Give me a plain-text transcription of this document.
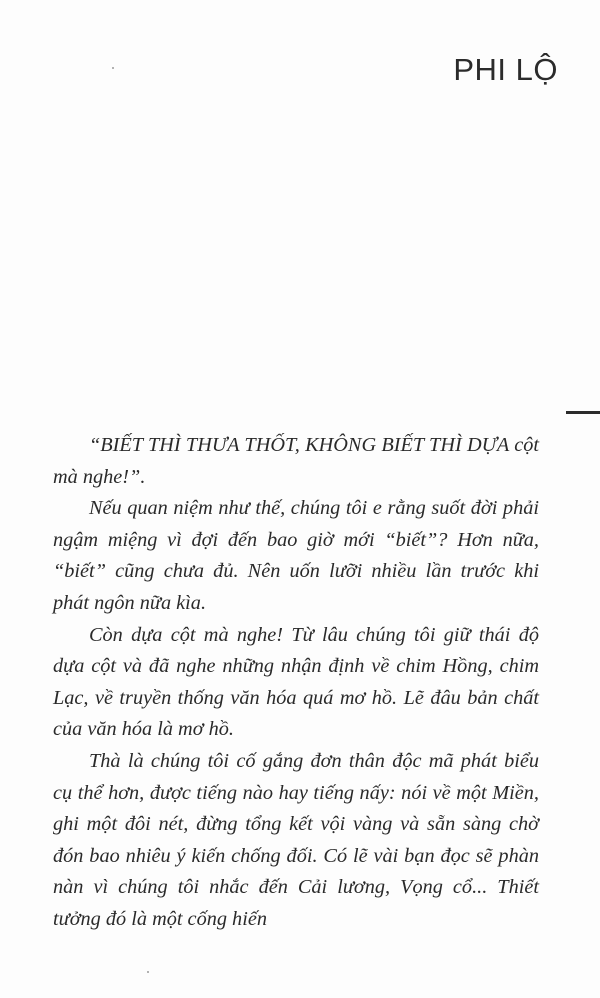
PHI LỘ

“BIẾT THÌ THƯA THỐT, KHÔNG BIẾT THÌ DỰA cột mà nghe!”.

Nếu quan niệm như thế, chúng tôi e rằng suốt đời phải ngậm miệng vì đợi đến bao giờ mới “biết”? Hơn nữa, “biết” cũng chưa đủ. Nên uốn lưỡi nhiều lần trước khi phát ngôn nữa kìa.

Còn dựa cột mà nghe! Từ lâu chúng tôi giữ thái độ dựa cột và đã nghe những nhận định về chim Hồng, chim Lạc, về truyền thống văn hóa quá mơ hồ. Lẽ đâu bản chất của văn hóa là mơ hồ.

Thà là chúng tôi cố gắng đơn thân độc mã phát biểu cụ thể hơn, được tiếng nào hay tiếng nấy: nói về một Miền, ghi một đôi nét, đừng tổng kết vội vàng và sẵn sàng chờ đón bao nhiêu ý kiến chống đối. Có lẽ vài bạn đọc sẽ phàn nàn vì chúng tôi nhắc đến Cải lương, Vọng cổ... Thiết tưởng đó là một cống hiến
